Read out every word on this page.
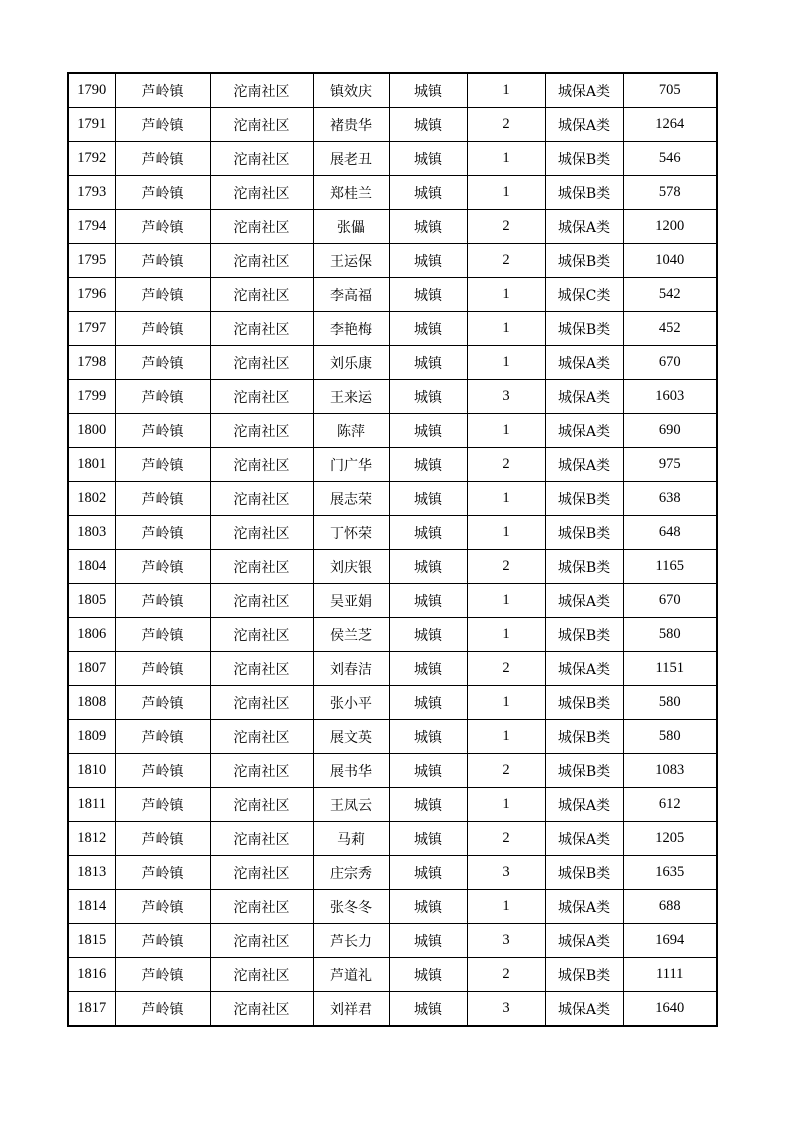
1790	芦岭镇	沱南社区	镇效庆	城镇	1	城保A类	705
1791	芦岭镇	沱南社区	褚贵华	城镇	2	城保A类	1264
1792	芦岭镇	沱南社区	展老丑	城镇	1	城保B类	546
1793	芦岭镇	沱南社区	郑桂兰	城镇	1	城保B类	578
1794	芦岭镇	沱南社区	张儡	城镇	2	城保A类	1200
1795	芦岭镇	沱南社区	王运保	城镇	2	城保B类	1040
1796	芦岭镇	沱南社区	李高福	城镇	1	城保C类	542
1797	芦岭镇	沱南社区	李艳梅	城镇	1	城保B类	452
1798	芦岭镇	沱南社区	刘乐康	城镇	1	城保A类	670
1799	芦岭镇	沱南社区	王来运	城镇	3	城保A类	1603
1800	芦岭镇	沱南社区	陈萍	城镇	1	城保A类	690
1801	芦岭镇	沱南社区	门广华	城镇	2	城保A类	975
1802	芦岭镇	沱南社区	展志荣	城镇	1	城保B类	638
1803	芦岭镇	沱南社区	丁怀荣	城镇	1	城保B类	648
1804	芦岭镇	沱南社区	刘庆银	城镇	2	城保B类	1165
1805	芦岭镇	沱南社区	吴亚娟	城镇	1	城保A类	670
1806	芦岭镇	沱南社区	侯兰芝	城镇	1	城保B类	580
1807	芦岭镇	沱南社区	刘春洁	城镇	2	城保A类	1151
1808	芦岭镇	沱南社区	张小平	城镇	1	城保B类	580
1809	芦岭镇	沱南社区	展文英	城镇	1	城保B类	580
1810	芦岭镇	沱南社区	展书华	城镇	2	城保B类	1083
1811	芦岭镇	沱南社区	王凤云	城镇	1	城保A类	612
1812	芦岭镇	沱南社区	马莉	城镇	2	城保A类	1205
1813	芦岭镇	沱南社区	庄宗秀	城镇	3	城保B类	1635
1814	芦岭镇	沱南社区	张冬冬	城镇	1	城保A类	688
1815	芦岭镇	沱南社区	芦长力	城镇	3	城保A类	1694
1816	芦岭镇	沱南社区	芦道礼	城镇	2	城保B类	1111
1817	芦岭镇	沱南社区	刘祥君	城镇	3	城保A类	1640
